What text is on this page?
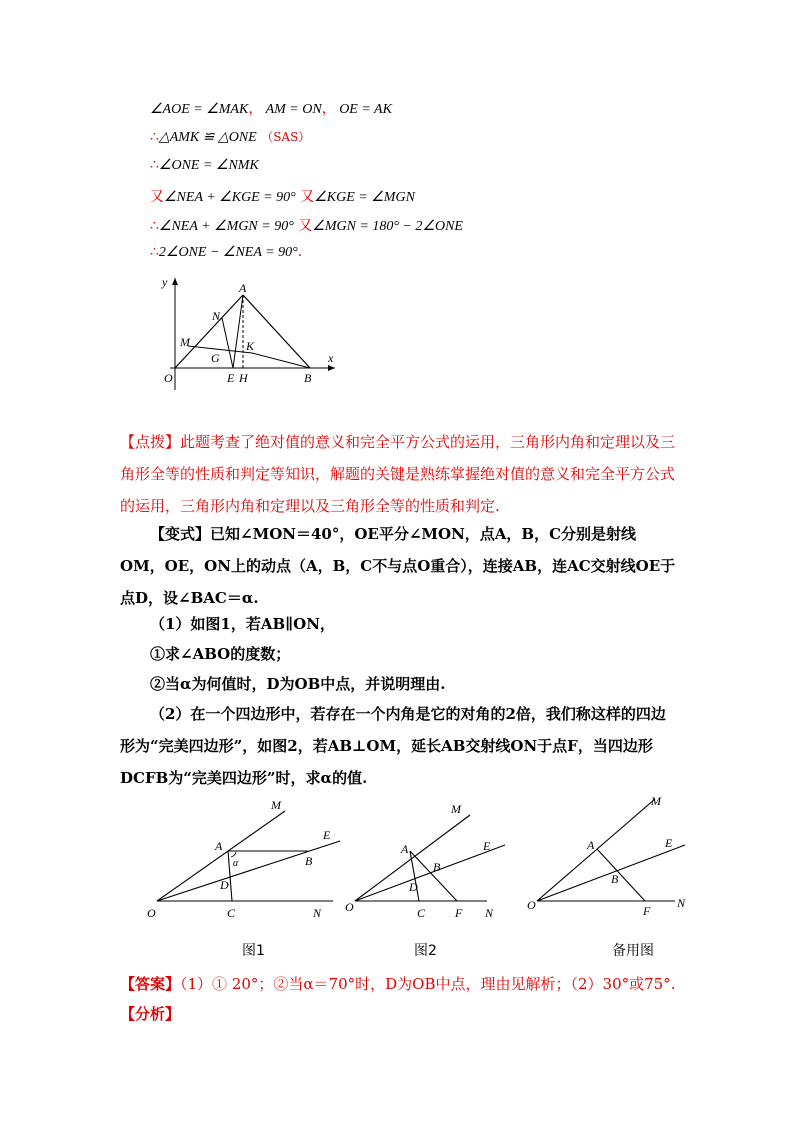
∠AOE = ∠MAK， AM = ON， OE = AK
∴△AMK ≌ △ONE （SAS）
∴∠ONE = ∠NMK
又∠NEA + ∠KGE = 90° 又∠KGE = ∠MGN
∴∠NEA + ∠MGN = 90° 又∠MGN = 180° − 2∠ONE
∴2∠ONE − ∠NEA = 90°.
y
x
A
N
M
G
K
O	E H	B
【点拨】此题考查了绝对值的意义和完全平方公式的运用，三角形内角和定理以及三角形全等的性质和判定等知识，解题的关键是熟练掌握绝对值的意义和完全平方公式的运用，三角形内角和定理以及三角形全等的性质和判定.
【变式】已知∠MON＝40°，OE平分∠MON，点A，B，C分别是射线OM，OE，ON上的动点（A，B，C不与点O重合），连接AB，连AC交射线OE于点D，设∠BAC＝α.
（1）如图1，若AB∥ON，
①求∠ABO的度数；
②当α为何值时，D为OB中点，并说明理由.
（2）在一个四边形中，若存在一个内角是它的对角的2倍，我们称这样的四边形为“完美四边形”，如图2，若AB⊥OM，延长AB交射线ON于点F，当四边形DCFB为“完美四边形”时，求α的值.
M
E
A
α	B
D
O	C	N
图1
M
E
A
B
D
O	C F N
图2
M
E
A
B
O	F
N
备用图
【答案】（1）① 20°；②当α＝70°时，D为OB中点，理由见解析；（2）30°或75°.
【分析】
